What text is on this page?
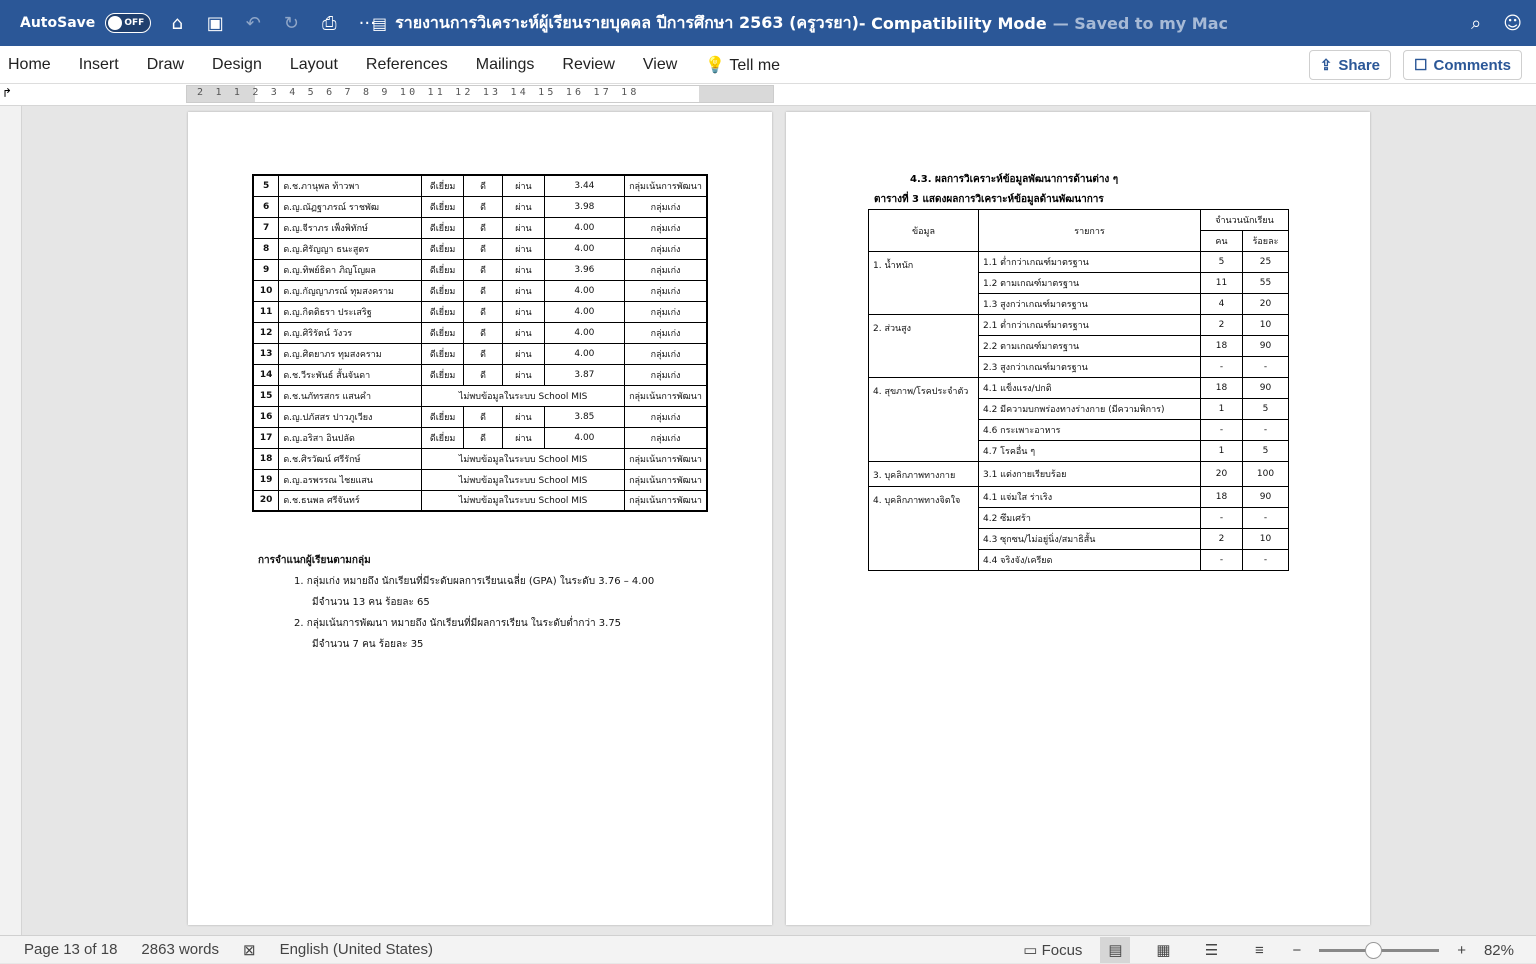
AutoSave	OFF	⌂	▣ ↶ ↻ ⎙ ···
▤ รายงานการวิเคราะห์ผู้เรียนรายบุคคล ปีการศึกษา 2563 (ครูวรยา) - Compatibility Mode — Saved to my Mac	⌕ ☺
Home	Insert	Draw	Design	Layout	References	Mailings	Review	View	💡 Tell me	⇪ Share ☐ Comments
↱	2 1 1 2 3 4 5 6 7 8 9 10 11 12 13 14 15 16 17 18
5	ด.ช.ภานุพล ท้าวพา	ดีเยี่ยม	ดี	ผ่าน	3.44	กลุ่มเน้นการพัฒนา
6	ด.ญ.ณัฏฐาภรณ์ ราชพัฒ	ดีเยี่ยม	ดี	ผ่าน	3.98	กลุ่มเก่ง
7	ด.ญ.จีราภร เพ็งพิทักษ์	ดีเยี่ยม	ดี	ผ่าน	4.00	กลุ่มเก่ง
8	ด.ญ.ศิรัญญา ธนะสูตร	ดีเยี่ยม	ดี	ผ่าน	4.00	กลุ่มเก่ง
9	ด.ญ.ทิพย์ธิดา ภิญโญผล	ดีเยี่ยม	ดี	ผ่าน	3.96	กลุ่มเก่ง
10	ด.ญ.กัญญาภรณ์ ทุมสงคราม	ดีเยี่ยม	ดี	ผ่าน	4.00	กลุ่มเก่ง
11	ด.ญ.กิตติธรา ประเสริฐ	ดีเยี่ยม	ดี	ผ่าน	4.00	กลุ่มเก่ง
12	ด.ญ.ศิริรัตน์ วังวร	ดีเยี่ยม	ดี	ผ่าน	4.00	กลุ่มเก่ง
13	ด.ญ.ศิตยาภร ทุมสงคราม	ดีเยี่ยม	ดี	ผ่าน	4.00	กลุ่มเก่ง
14	ด.ช.วีระพันธ์ สั้นจันดา	ดีเยี่ยม	ดี	ผ่าน	3.87	กลุ่มเก่ง
15	ด.ช.นภัทรสกร แสนคำ	ไม่พบข้อมูลในระบบ School MIS				กลุ่มเน้นการพัฒนา
16	ด.ญ.ปภัสสร ปาวภูเวียง	ดีเยี่ยม	ดี	ผ่าน	3.85	กลุ่มเก่ง
17	ด.ญ.อริสา อินปลัด	ดีเยี่ยม	ดี	ผ่าน	4.00	กลุ่มเก่ง
18	ด.ช.ศิรวัฒน์ ศรีรักษ์	ไม่พบข้อมูลในระบบ School MIS				กลุ่มเน้นการพัฒนา
19	ด.ญ.อรพรรณ ไชยแสน	ไม่พบข้อมูลในระบบ School MIS				กลุ่มเน้นการพัฒนา
20	ด.ช.ธนพล ศรีจันทร์	ไม่พบข้อมูลในระบบ School MIS				กลุ่มเน้นการพัฒนา
การจำแนกผู้เรียนตามกลุ่ม
1. กลุ่มเก่ง หมายถึง นักเรียนที่มีระดับผลการเรียนเฉลี่ย (GPA) ในระดับ 3.76 – 4.00
มีจำนวน 13 คน ร้อยละ 65
2. กลุ่มเน้นการพัฒนา หมายถึง นักเรียนที่มีผลการเรียน ในระดับต่ำกว่า 3.75
มีจำนวน 7 คน ร้อยละ 35
4.3. ผลการวิเคราะห์ข้อมูลพัฒนาการด้านต่าง ๆ
ตารางที่ 3 แสดงผลการวิเคราะห์ข้อมูลด้านพัฒนาการ
ข้อมูล	รายการ	จำนวนนักเรียน	
		คน	ร้อยละ
1. น้ำหนัก	1.1 ต่ำกว่าเกณฑ์มาตรฐาน	5	25
	1.2 ตามเกณฑ์มาตรฐาน	11	55
	1.3 สูงกว่าเกณฑ์มาตรฐาน	4	20
2. ส่วนสูง	2.1 ต่ำกว่าเกณฑ์มาตรฐาน	2	10
	2.2 ตามเกณฑ์มาตรฐาน	18	90
	2.3 สูงกว่าเกณฑ์มาตรฐาน	-	-
4. สุขภาพ/โรคประจำตัว	4.1 แข็งแรง/ปกติ	18	90
	4.2 มีความบกพร่องทางร่างกาย (มีความพิการ)	1	5
	4.6 กระเพาะอาหาร	-	-
	4.7 โรคอื่น ๆ	1	5
3. บุคลิกภาพทางกาย	3.1 แต่งกายเรียบร้อย	20	100
4. บุคลิกภาพทางจิตใจ	4.1 แจ่มใส ร่าเริง	18	90
	4.2 ซึมเศร้า	-	-
	4.3 ซุกซน/ไม่อยู่นิ่ง/สมาธิสั้น	2	10
	4.4 จริงจัง/เครียด	-	-
Page 13 of 18 2863 words ⊠ English (United States)	▭ Focus	▤	▦	☰	≡	−	+ 82%
